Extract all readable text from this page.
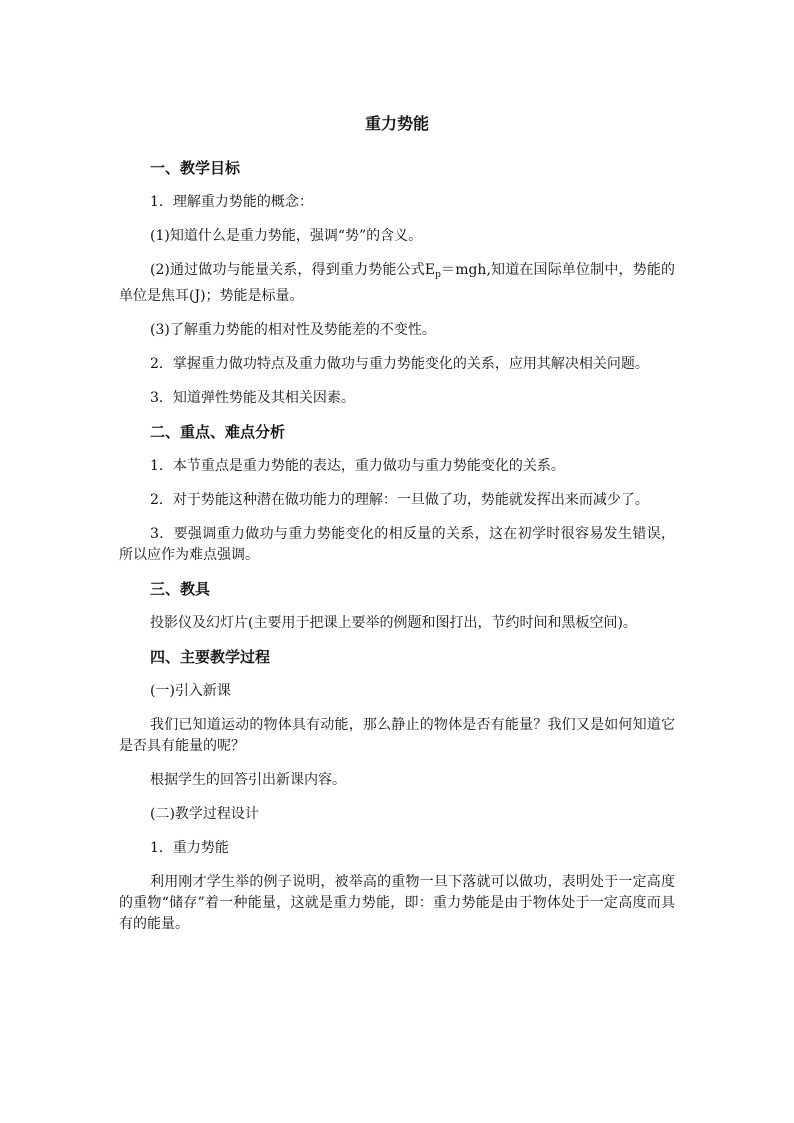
重力势能
一、教学目标
1．理解重力势能的概念：
(1)知道什么是重力势能，强调“势”的含义。
(2)通过做功与能量关系，得到重力势能公式$E_p=mgh$,知道在国际单位制中，势能的单位是焦耳(J)；势能是标量。
(3)了解重力势能的相对性及势能差的不变性。
2．掌握重力做功特点及重力做功与重力势能变化的关系，应用其解决相关问题。
3．知道弹性势能及其相关因素。
二、重点、难点分析
1．本节重点是重力势能的表达，重力做功与重力势能变化的关系。
2．对于势能这种潜在做功能力的理解：一旦做了功，势能就发挥出来而减少了。
3．要强调重力做功与重力势能变化的相反量的关系，这在初学时很容易发生错误，所以应作为难点强调。
三、教具
投影仪及幻灯片(主要用于把课上要举的例题和图打出，节约时间和黑板空间)。
四、主要教学过程
(一)引入新课
我们已知道运动的物体具有动能，那么静止的物体是否有能量？我们又是如何知道它是否具有能量的呢？
根据学生的回答引出新课内容。
(二)教学过程设计
1．重力势能
利用刚才学生举的例子说明，被举高的重物一旦下落就可以做功，表明处于一定高度的重物“储存”着一种能量，这就是重力势能，即：重力势能是由于物体处于一定高度而具有的能量。
